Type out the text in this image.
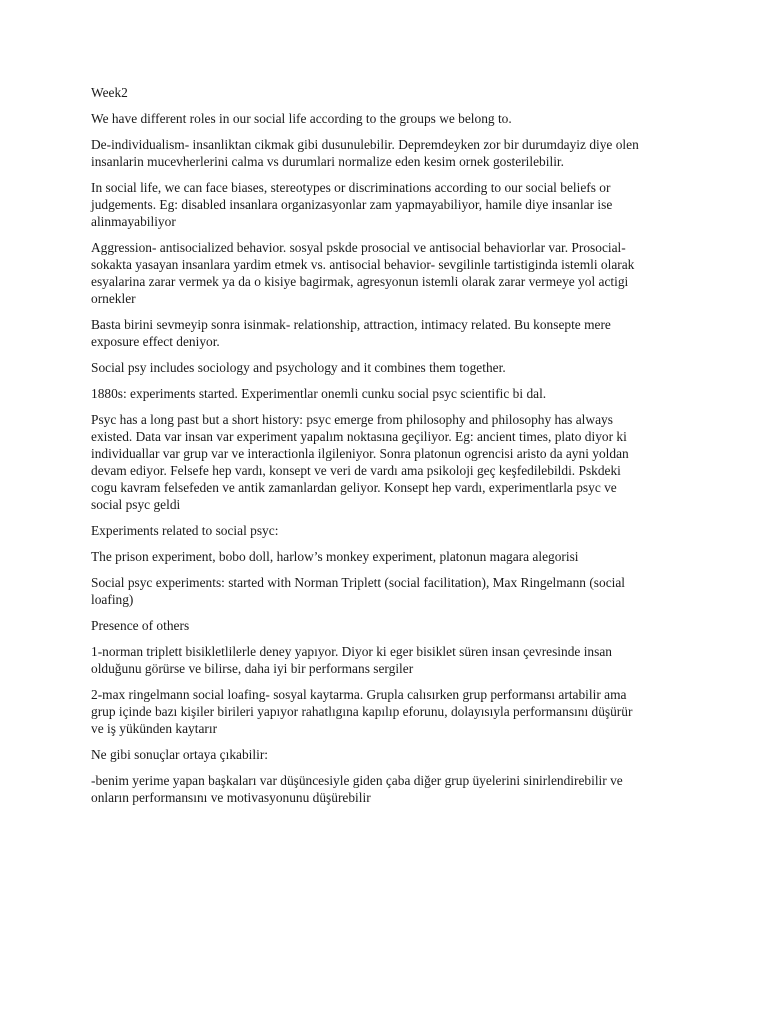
Week2

We have different roles in our social life according to the groups we belong to.

De-individualism- insanliktan cikmak gibi dusunulebilir. Depremdeyken zor bir durumdayiz diye olen
insanlarin mucevherlerini calma vs durumlari normalize eden kesim ornek gosterilebilir.

In social life, we can face biases, stereotypes or discriminations according to our social beliefs or
judgements. Eg: disabled insanlara organizasyonlar zam yapmayabiliyor, hamile diye insanlar ise
alinmayabiliyor

Aggression- antisocialized behavior. sosyal pskde prosocial ve antisocial behaviorlar var. Prosocial-
sokakta yasayan insanlara yardim etmek vs. antisocial behavior- sevgilinle tartistiginda istemli olarak
esyalarina zarar vermek ya da o kisiye bagirmak, agresyonun istemli olarak zarar vermeye yol actigi
ornekler

Basta birini sevmeyip sonra isinmak- relationship, attraction, intimacy related. Bu konsepte mere
exposure effect deniyor.

Social psy includes sociology and psychology and it combines them together.

1880s: experiments started. Experimentlar onemli cunku social psyc scientific bi dal.

Psyc has a long past but a short history: psyc emerge from philosophy and philosophy has always
existed. Data var insan var experiment yapalım noktasına geçiliyor. Eg: ancient times, plato diyor ki
individuallar var grup var ve interactionla ilgileniyor. Sonra platonun ogrencisi aristo da ayni yoldan
devam ediyor. Felsefe hep vardı, konsept ve veri de vardı ama psikoloji geç keşfedilebildi. Pskdeki
cogu kavram felsefeden ve antik zamanlardan geliyor. Konsept hep vardı, experimentlarla psyc ve
social psyc geldi

Experiments related to social psyc:

The prison experiment, bobo doll, harlow’s monkey experiment, platonun magara alegorisi

Social psyc experiments: started with Norman Triplett (social facilitation), Max Ringelmann (social
loafing)

Presence of others

1-norman triplett bisikletlilerle deney yapıyor. Diyor ki eger bisiklet süren insan çevresinde insan
olduğunu görürse ve bilirse, daha iyi bir performans sergiler

2-max ringelmann social loafing- sosyal kaytarma. Grupla calısırken grup performansı artabilir ama
grup içinde bazı kişiler birileri yapıyor rahatlıgına kapılıp eforunu, dolayısıyla performansını düşürür
ve iş yükünden kaytarır

Ne gibi sonuçlar ortaya çıkabilir:

-benim yerime yapan başkaları var düşüncesiyle giden çaba diğer grup üyelerini sinirlendirebilir ve
onların performansını ve motivasyonunu düşürebilir
